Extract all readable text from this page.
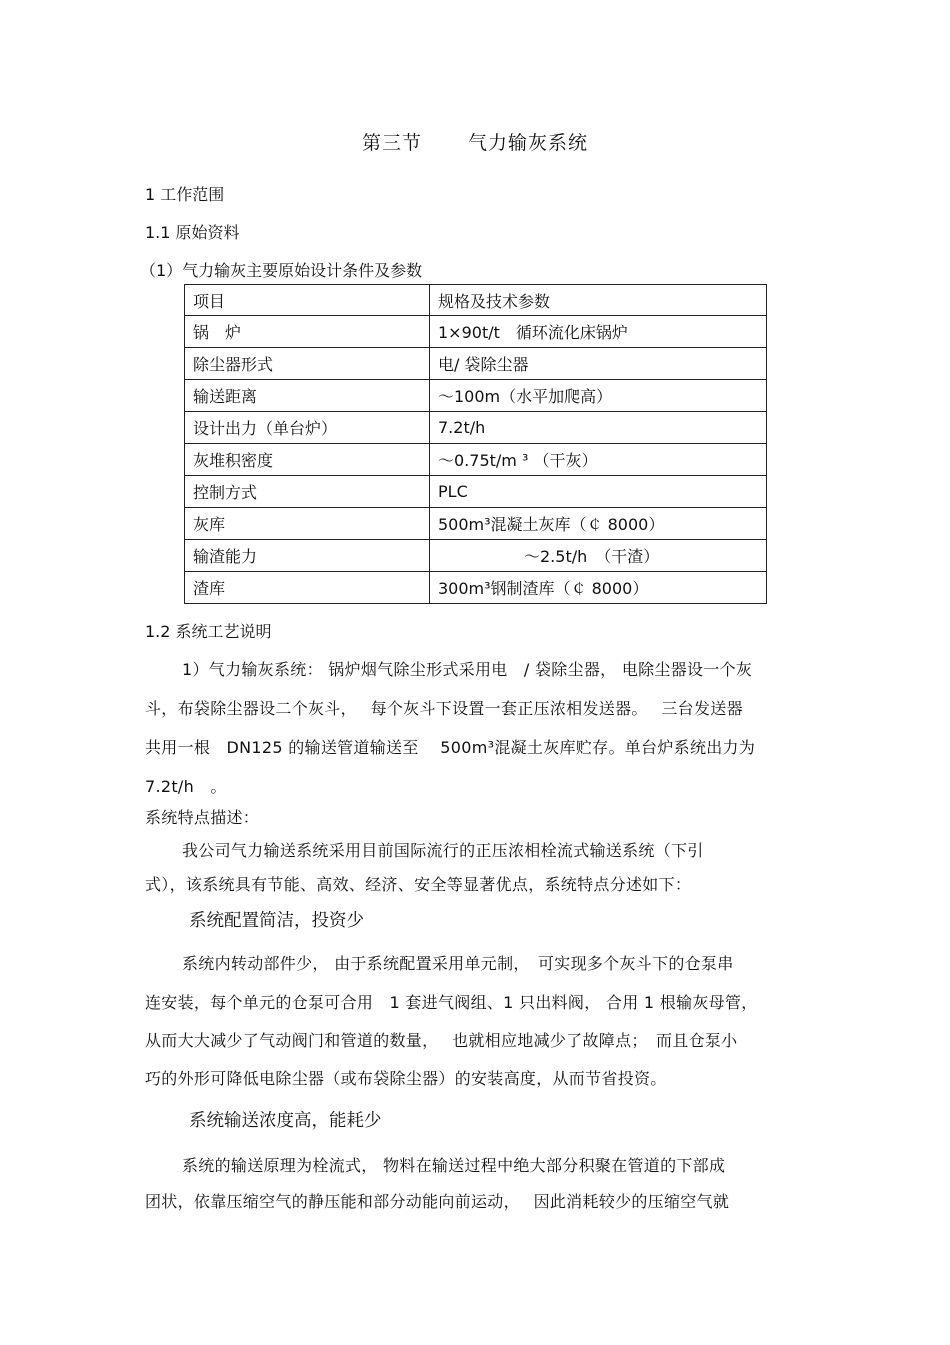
第三节 气力输灰系统
1 工作范围
1.1 原始资料
（1）气力输灰主要原始设计条件及参数
项目	规格及技术参数
锅　炉	1×90t/t　循环流化床锅炉
除尘器形式	电/ 袋除尘器
输送距离	～100m（水平加爬高）
设计出力（单台炉）	7.2t/h
灰堆积密度	～0.75t/m ³ （干灰）
控制方式	PLC
灰库	500m³混凝土灰库（￠ 8000）
输渣能力	～2.5t/h　（干渣）
渣库	300m³钢制渣库（￠ 8000）
1.2 系统工艺说明
1）气力输灰系统： 锅炉烟气除尘形式采用电　/ 袋除尘器， 电除尘器设一个灰
斗，布袋除尘器设二个灰斗，　 每个灰斗下设置一套正压浓相发送器。　 三台发送器
共用一根　DN125 的输送管道输送至　 500m³混凝土灰库贮存。单台炉系统出力为
7.2t/h　。
系统特点描述：
我公司气力输送系统采用目前国际流行的正压浓相栓流式输送系统（下引
式），该系统具有节能、高效、经济、安全等显著优点，系统特点分述如下：
系统配置简洁，投资少
系统内转动部件少， 由于系统配置采用单元制，　可实现多个灰斗下的仓泵串
连安装，每个单元的仓泵可合用　1 套进气阀组、1 只出料阀， 合用 1 根输灰母管，
从而大大减少了气动阀门和管道的数量，　 也就相应地减少了故障点；　而且仓泵小
巧的外形可降低电除尘器（或布袋除尘器）的安装高度，从而节省投资。
系统输送浓度高，能耗少
系统的输送原理为栓流式， 物料在输送过程中绝大部分积聚在管道的下部成
团状，依靠压缩空气的静压能和部分动能向前运动，　 因此消耗较少的压缩空气就
